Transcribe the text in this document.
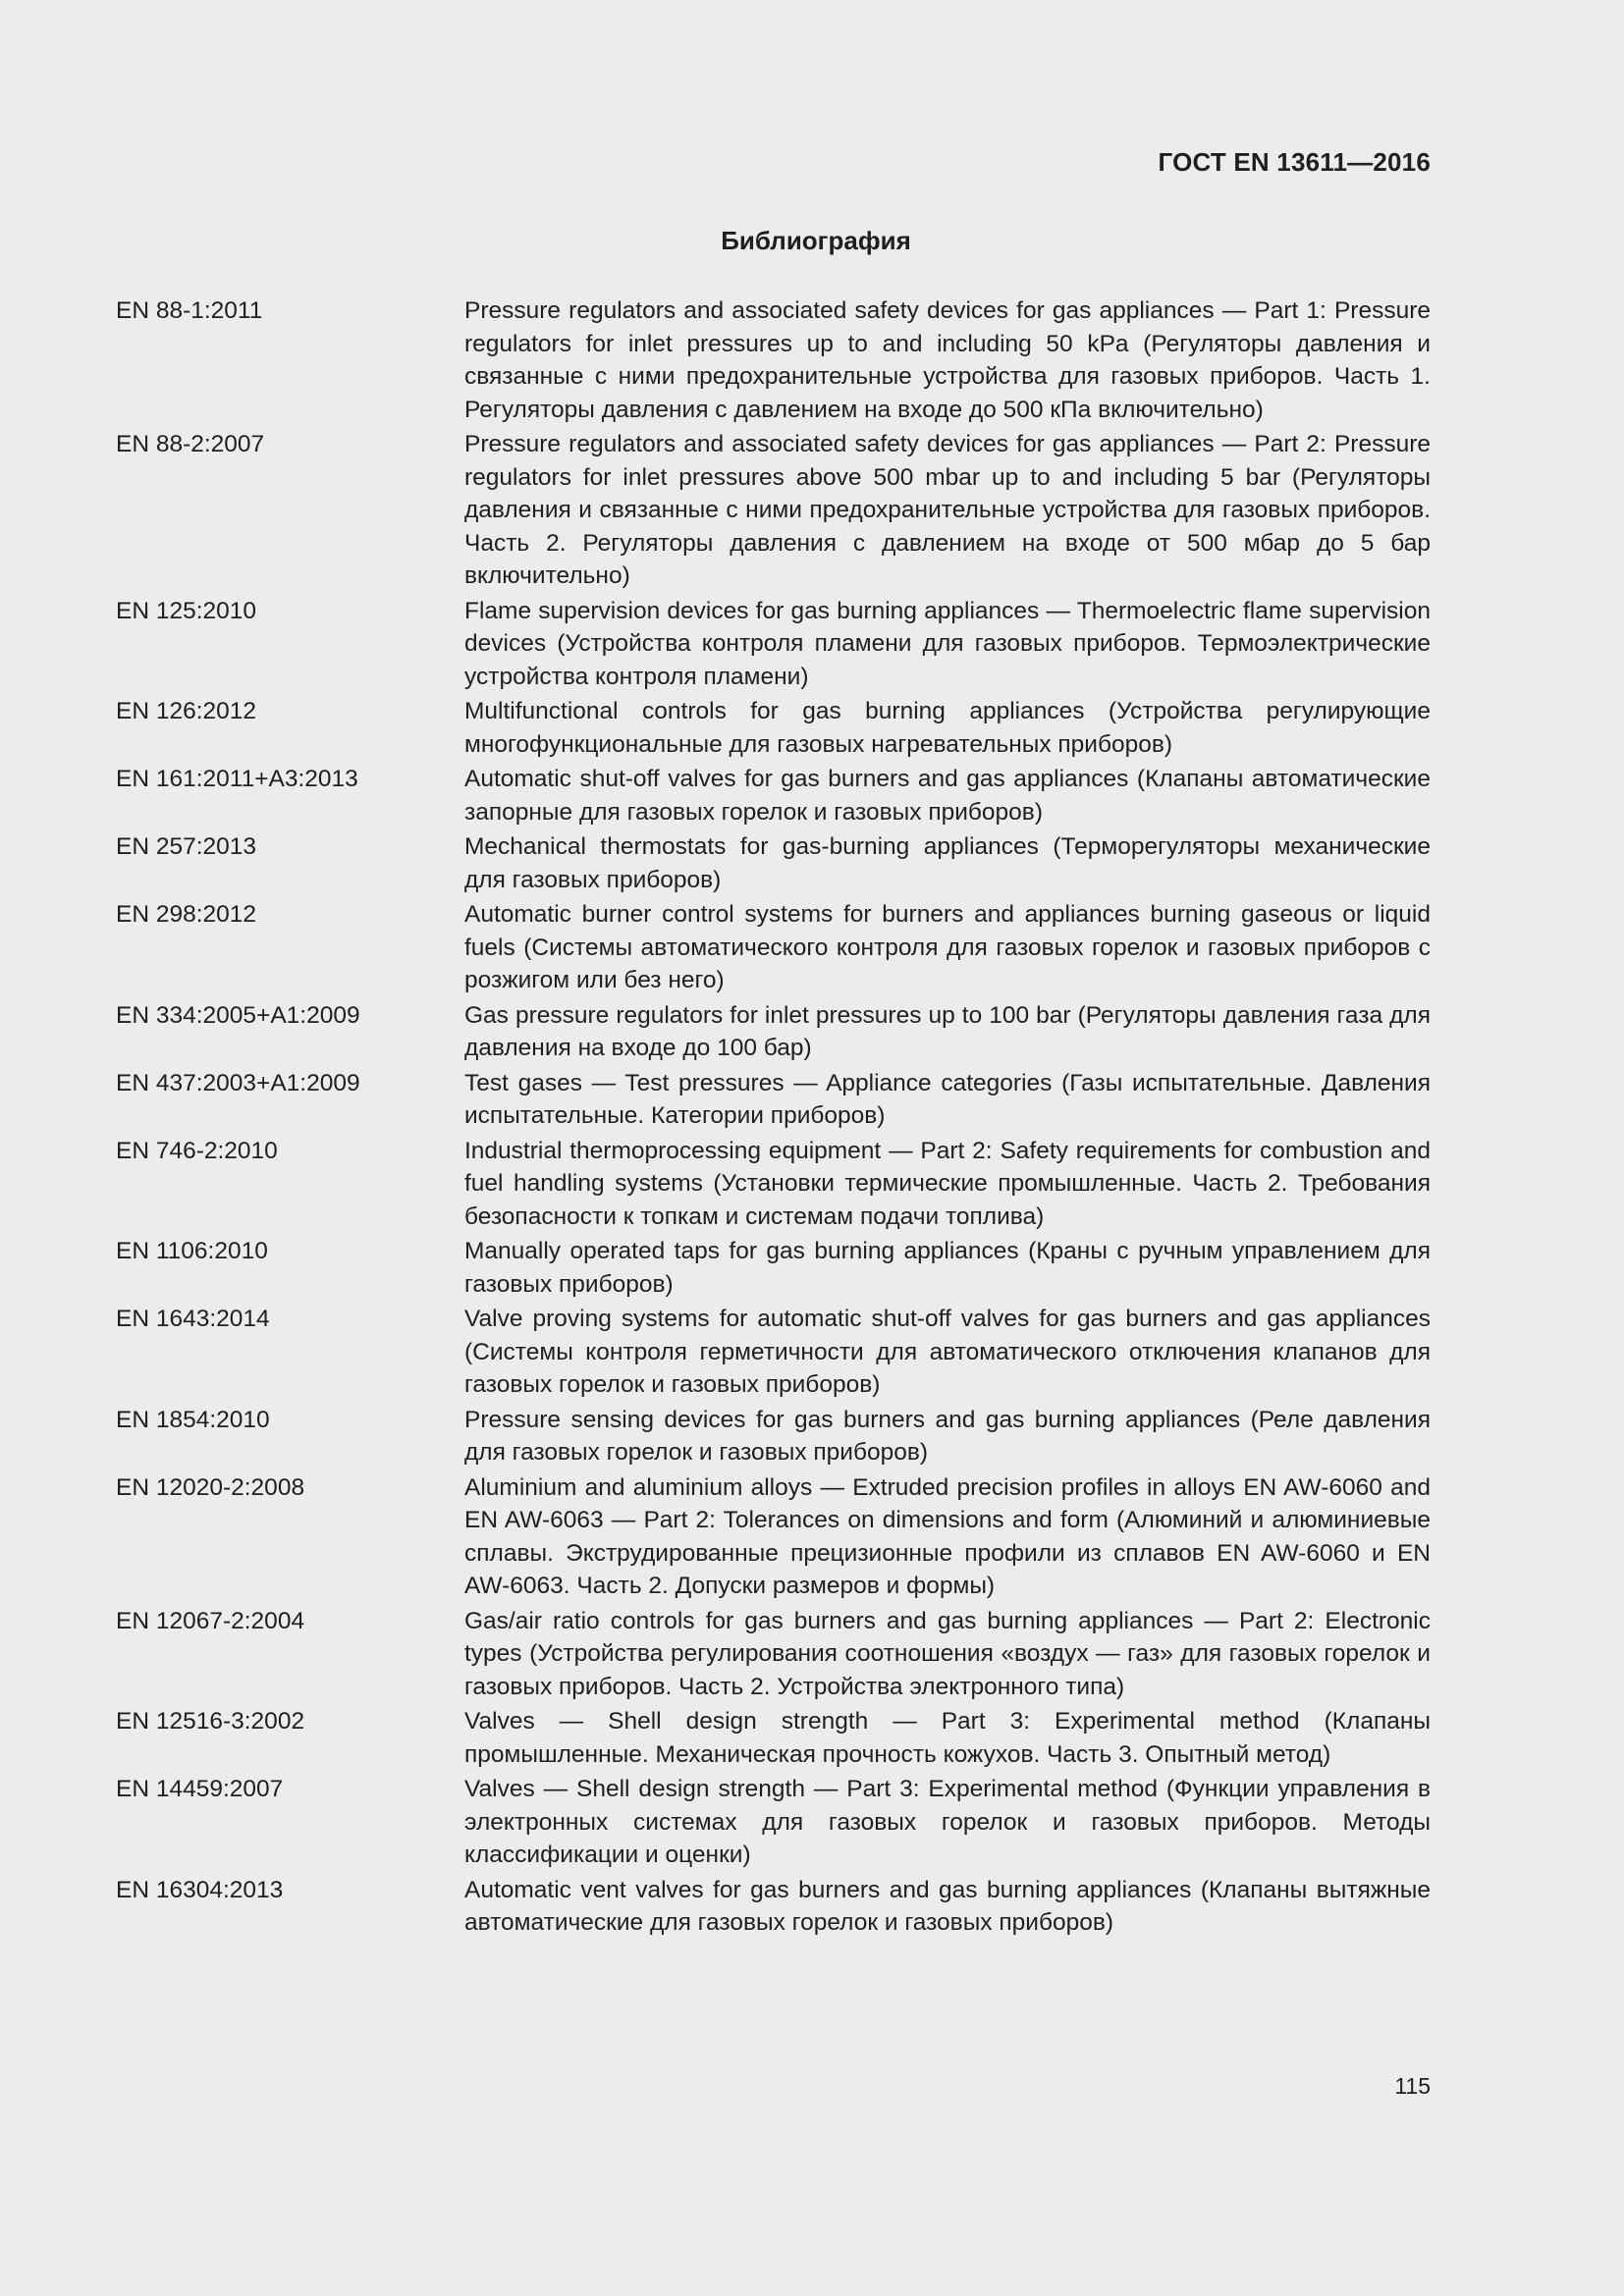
ГОСТ EN 13611—2016
Библиография
EN 88-1:2011	Pressure regulators and associated safety devices for gas appliances — Part 1: Pressure regulators for inlet pressures up to and including 50 kPa (Регуляторы давления и связанные с ними предохранительные устройства для газовых приборов. Часть 1. Регуляторы давления с давлением на входе до 500 кПа включительно)
EN 88-2:2007	Pressure regulators and associated safety devices for gas appliances — Part 2: Pressure regulators for inlet pressures above 500 mbar up to and including 5 bar (Регуляторы давления и связанные с ними предохранительные устройства для газовых приборов. Часть 2. Регуляторы давления с давлением на входе от 500 мбар до 5 бар включительно)
EN 125:2010	Flame supervision devices for gas burning appliances — Thermoelectric flame supervision devices (Устройства контроля пламени для газовых приборов. Термоэлектрические устройства контроля пламени)
EN 126:2012	Multifunctional controls for gas burning appliances (Устройства регулирующие многофункциональные для газовых нагревательных приборов)
EN 161:2011+A3:2013	Automatic shut-off valves for gas burners and gas appliances (Клапаны автоматические запорные для газовых горелок и газовых приборов)
EN 257:2013	Mechanical thermostats for gas-burning appliances (Терморегуляторы механические для газовых приборов)
EN 298:2012	Automatic burner control systems for burners and appliances burning gaseous or liquid fuels (Системы автоматического контроля для газовых горелок и газовых приборов с розжигом или без него)
EN 334:2005+A1:2009	Gas pressure regulators for inlet pressures up to 100 bar (Регуляторы давления газа для давления на входе до 100 бар)
EN 437:2003+A1:2009	Test gases — Test pressures — Appliance categories (Газы испытательные. Давления испытательные. Категории приборов)
EN 746-2:2010	Industrial thermoprocessing equipment — Part 2: Safety requirements for combustion and fuel handling systems (Установки термические промышленные. Часть 2. Требования безопасности к топкам и системам подачи топлива)
EN 1106:2010	Manually operated taps for gas burning appliances (Краны с ручным управлением для газовых приборов)
EN 1643:2014	Valve proving systems for automatic shut-off valves for gas burners and gas appliances (Системы контроля герметичности для автоматического отключения клапанов для газовых горелок и газовых приборов)
EN 1854:2010	Pressure sensing devices for gas burners and gas burning appliances (Реле давления для газовых горелок и газовых приборов)
EN 12020-2:2008	Aluminium and aluminium alloys — Extruded precision profiles in alloys EN AW-6060 and EN AW-6063 — Part 2: Tolerances on dimensions and form (Алюминий и алюминиевые сплавы. Экструдированные прецизионные профили из сплавов EN AW-6060 и EN AW-6063. Часть 2. Допуски размеров и формы)
EN 12067-2:2004	Gas/air ratio controls for gas burners and gas burning appliances — Part 2: Electronic types (Устройства регулирования соотношения «воздух — газ» для газовых горелок и газовых приборов. Часть 2. Устройства электронного типа)
EN 12516-3:2002	Valves — Shell design strength — Part 3: Experimental method (Клапаны промышленные. Механическая прочность кожухов. Часть 3. Опытный метод)
EN 14459:2007	Valves — Shell design strength — Part 3: Experimental method (Функции управления в электронных системах для газовых горелок и газовых приборов. Методы классификации и оценки)
EN 16304:2013	Automatic vent valves for gas burners and gas burning appliances (Клапаны вытяжные автоматические для газовых горелок и газовых приборов)
115
